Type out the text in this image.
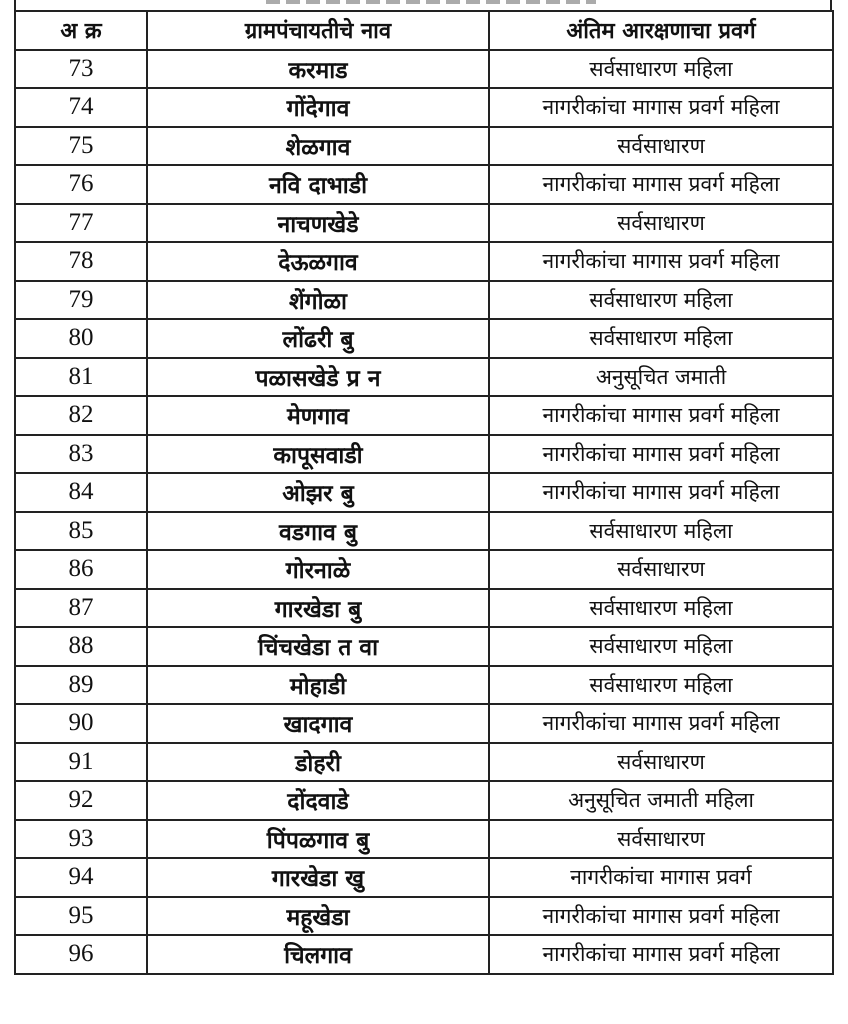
अ क्र	ग्रामपंचायतीचे नाव	अंतिम आरक्षणाचा प्रवर्ग
73	करमाड	सर्वसाधारण महिला
74	गोंदेगाव	नागरीकांचा मागास प्रवर्ग महिला
75	शेळगाव	सर्वसाधारण
76	नवि दाभाडी	नागरीकांचा मागास प्रवर्ग महिला
77	नाचणखेडे	सर्वसाधारण
78	देऊळगाव	नागरीकांचा मागास प्रवर्ग महिला
79	शेंगोळा	सर्वसाधारण महिला
80	लोंढरी बु	सर्वसाधारण महिला
81	पळासखेडे प्र न	अनुसूचित जमाती
82	मेणगाव	नागरीकांचा मागास प्रवर्ग महिला
83	कापूसवाडी	नागरीकांचा मागास प्रवर्ग महिला
84	ओझर बु	नागरीकांचा मागास प्रवर्ग महिला
85	वडगाव बु	सर्वसाधारण महिला
86	गोरनाळे	सर्वसाधारण
87	गारखेडा बु	सर्वसाधारण महिला
88	चिंचखेडा त वा	सर्वसाधारण महिला
89	मोहाडी	सर्वसाधारण महिला
90	खादगाव	नागरीकांचा मागास प्रवर्ग महिला
91	डोहरी	सर्वसाधारण
92	दोंदवाडे	अनुसूचित जमाती महिला
93	पिंपळगाव बु	सर्वसाधारण
94	गारखेडा खु	नागरीकांचा मागास प्रवर्ग
95	महूखेडा	नागरीकांचा मागास प्रवर्ग महिला
96	चिलगाव	नागरीकांचा मागास प्रवर्ग महिला
